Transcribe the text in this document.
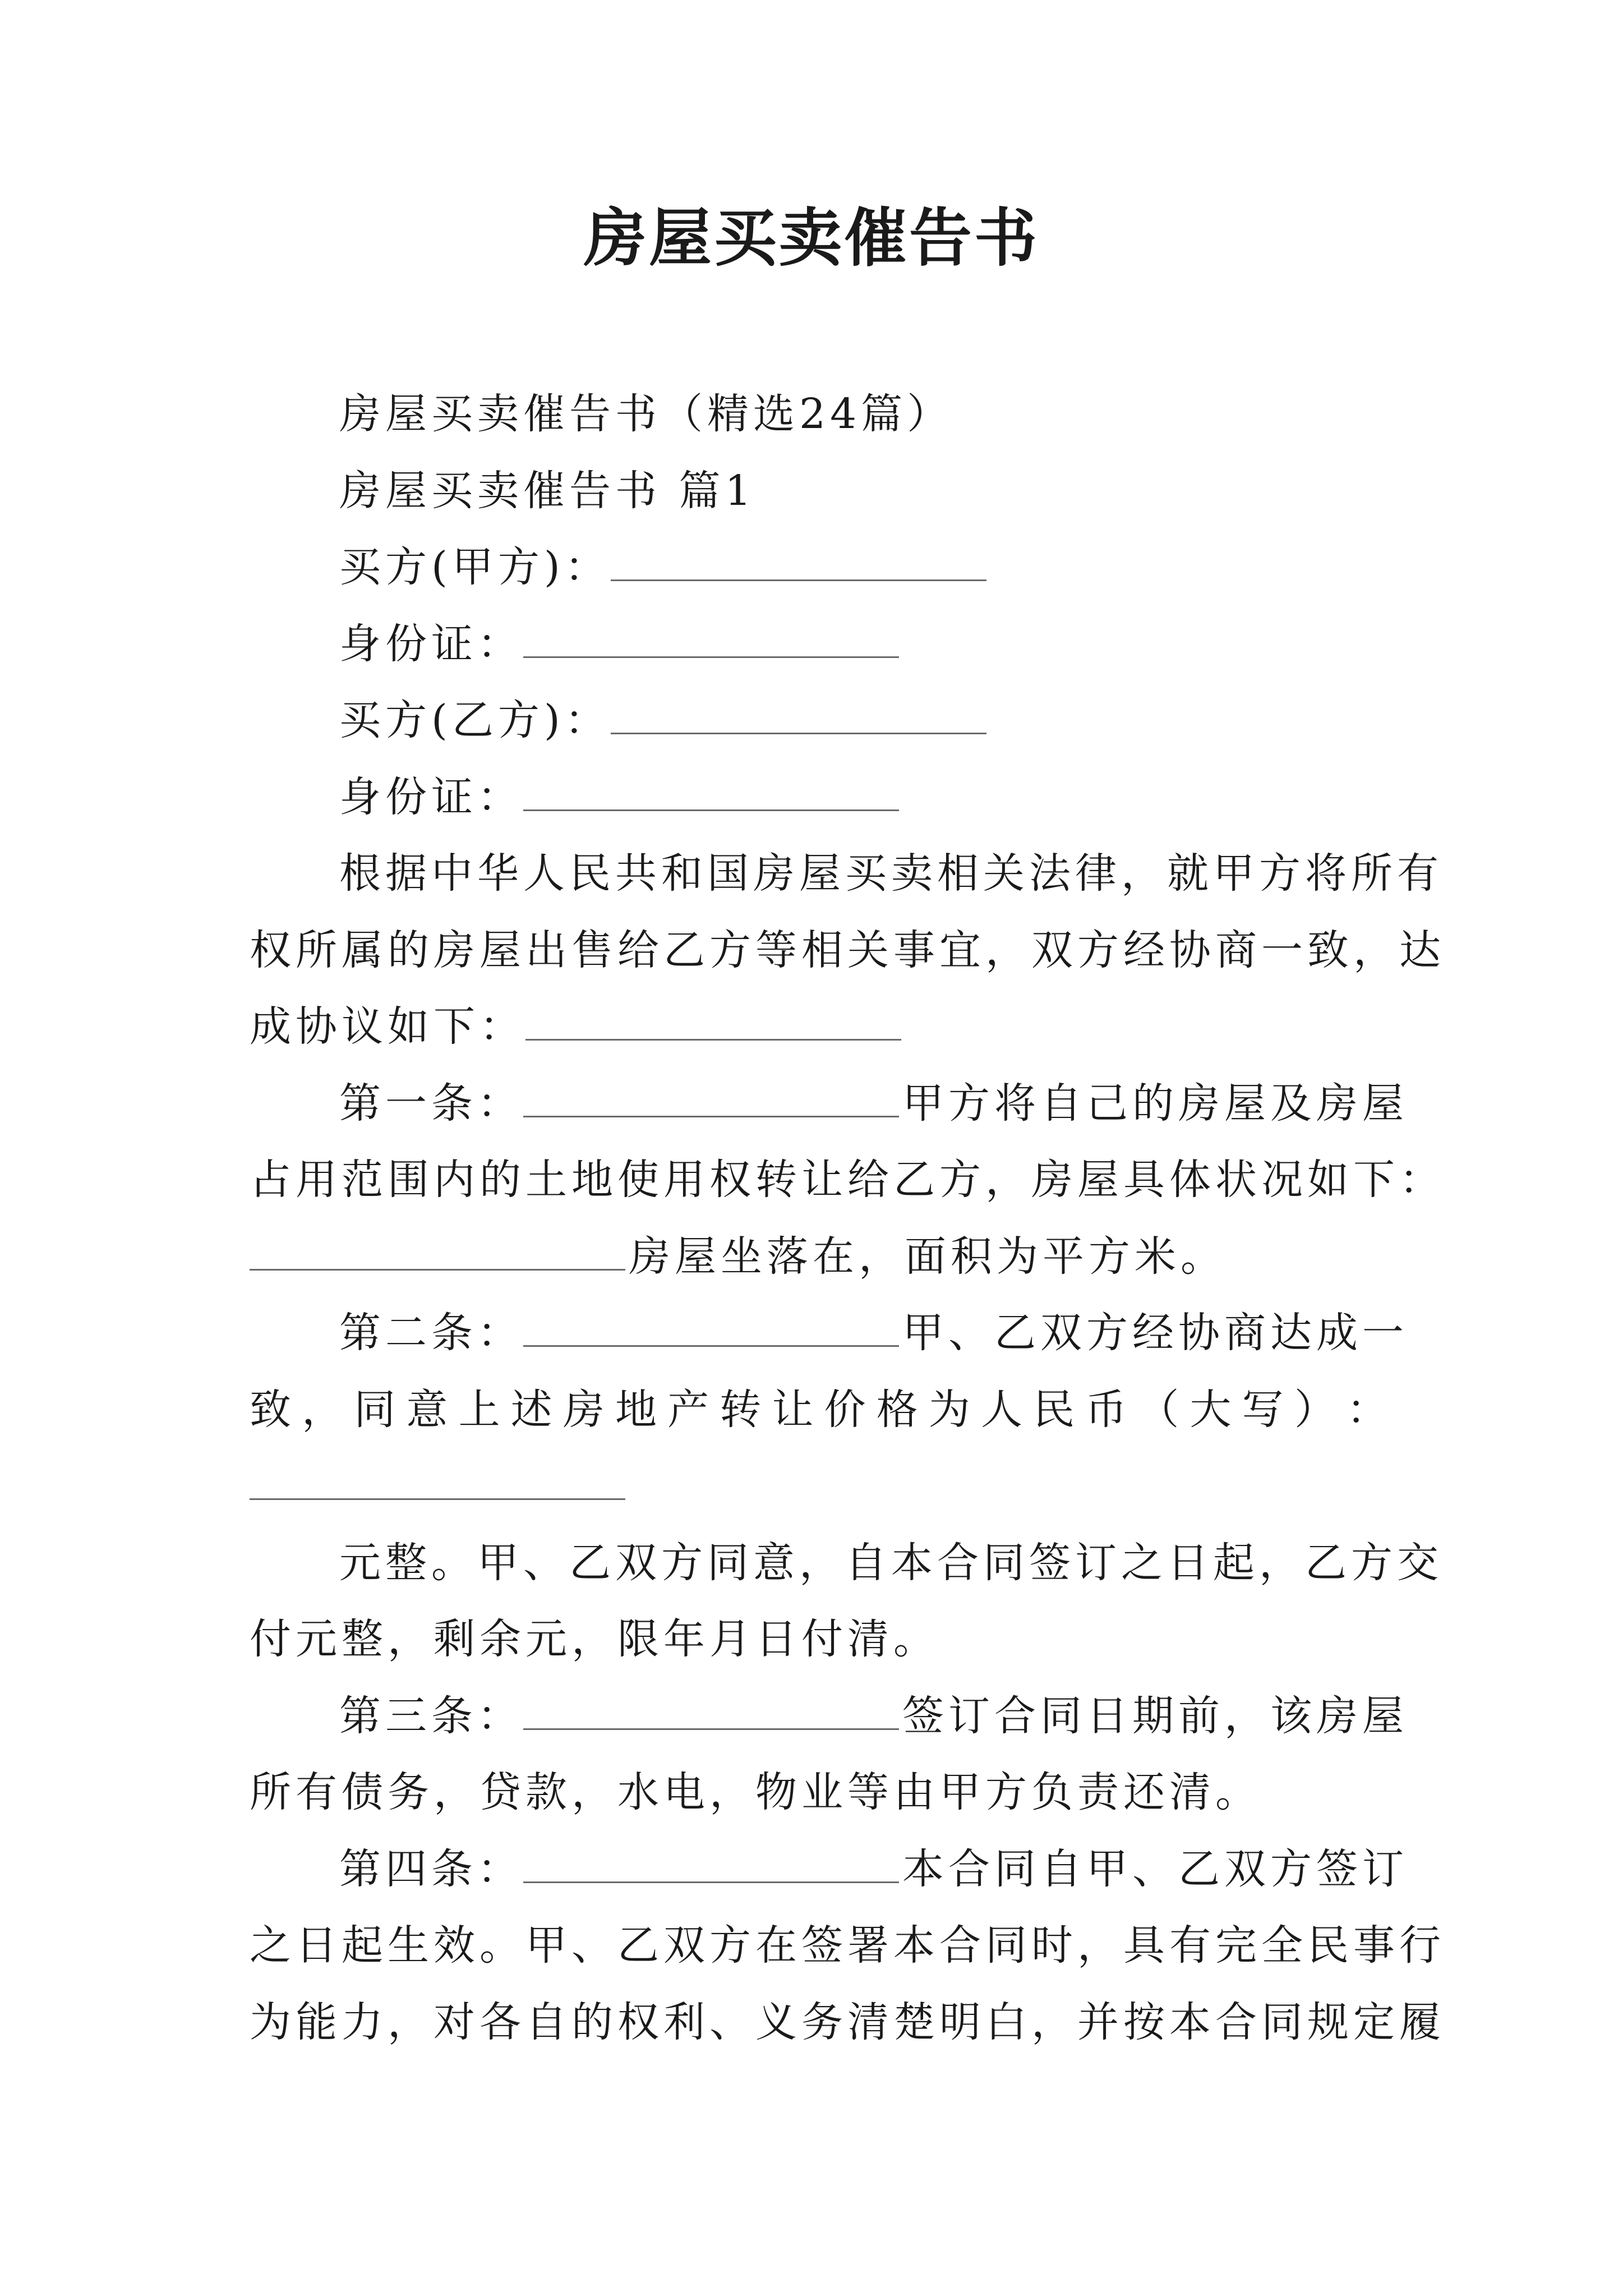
房屋买卖催告书
房屋买卖催告书（精选24篇）
房屋买卖催告书 篇1
买方(甲方)：
身份证：
买方(乙方)：
身份证：
根据中华人民共和国房屋买卖相关法律，就甲方将所有
权所属的房屋出售给乙方等相关事宜，双方经协商一致，达
成协议如下：
第一条：	甲方将自己的房屋及房屋
占用范围内的土地使用权转让给乙方，房屋具体状况如下：
房屋坐落在，面积为平方米。
第二条：	甲、乙双方经协商达成一
致 ， 同 意 上 述 房 地 产 转 让 价 格 为 人 民 币 （ 大 写 ） ：
元整。甲、乙双方同意，自本合同签订之日起，乙方交
付元整，剩余元，限年月日付清。
第三条：	签订合同日期前，该房屋
所有债务，贷款，水电，物业等由甲方负责还清。
第四条：	本合同自甲、乙双方签订
之日起生效。甲、乙双方在签署本合同时，具有完全民事行
为能力，对各自的权利、义务清楚明白，并按本合同规定履
